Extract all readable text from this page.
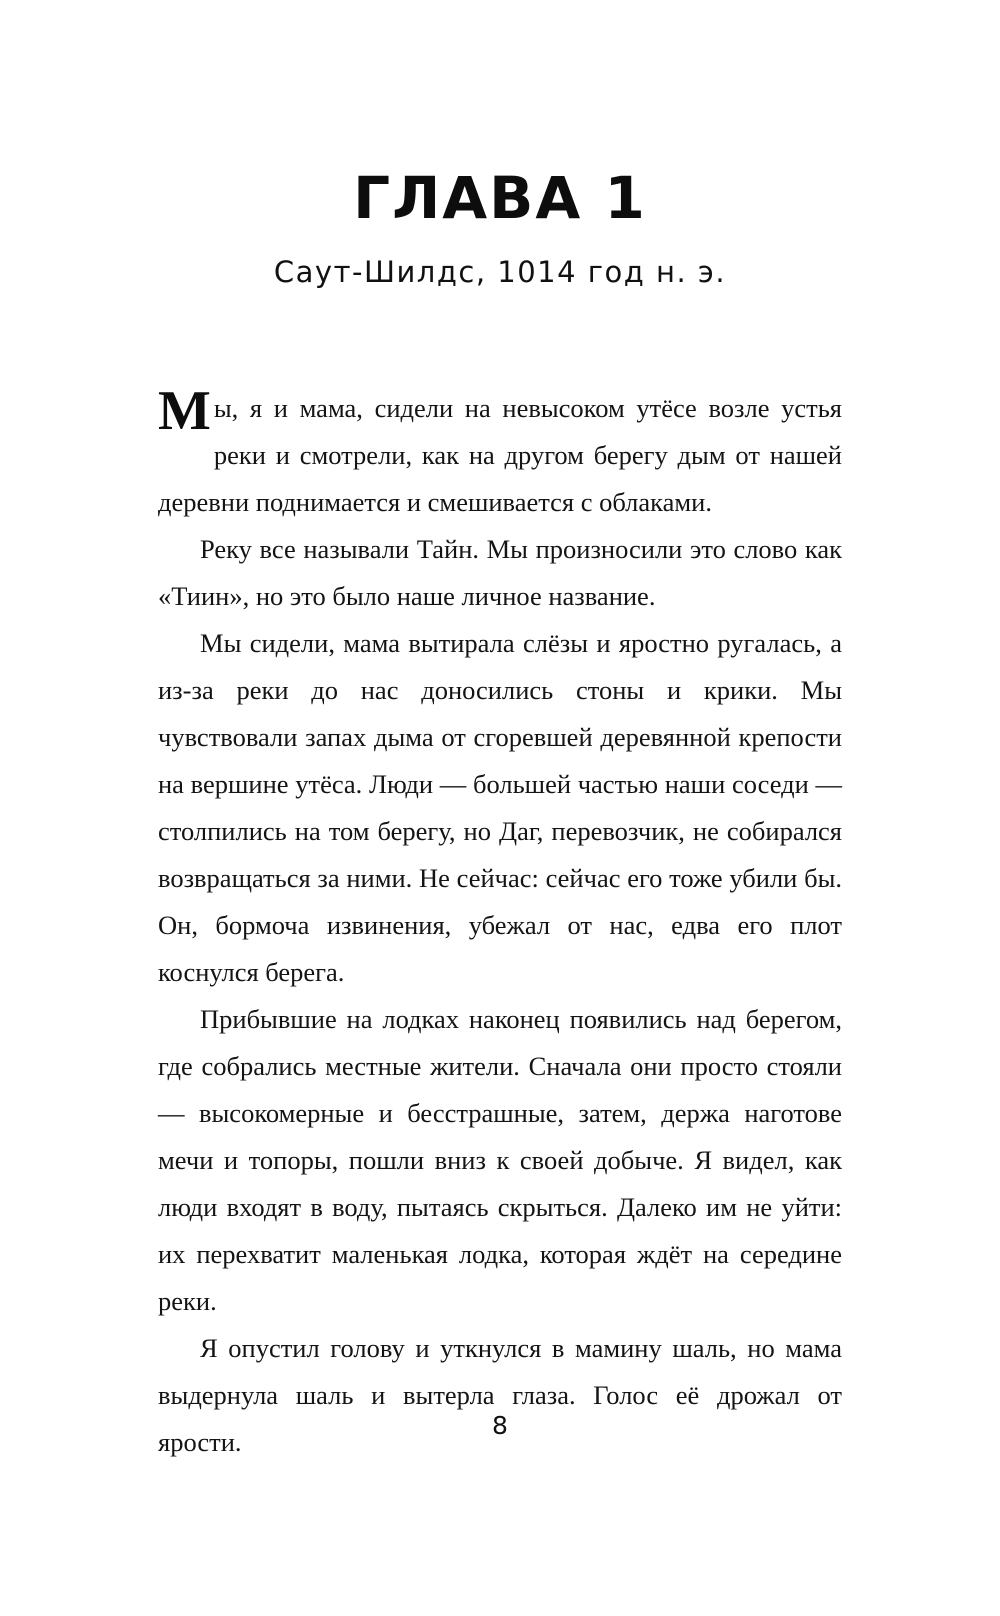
ГЛАВА 1
Саут-Шилдс, 1014 год н. э.

Мы, я и мама, сидели на невысоком утёсе возле устья реки и смотрели, как на другом берегу дым от нашей деревни поднимается и смешивается с облаками.

Реку все называли Тайн. Мы произносили это слово как «Тиин», но это было наше личное название.

Мы сидели, мама вытирала слёзы и яростно ругалась, а из-за реки до нас доносились стоны и крики. Мы чувствовали запах дыма от сгоревшей деревянной крепости на вершине утёса. Люди — большей частью наши соседи — столпились на том берегу, но Даг, перевозчик, не собирался возвращаться за ними. Не сейчас: сейчас его тоже убили бы. Он, бормоча извинения, убежал от нас, едва его плот коснулся берега.

Прибывшие на лодках наконец появились над берегом, где собрались местные жители. Сначала они просто стояли — высокомерные и бесстрашные, затем, держа наготове мечи и топоры, пошли вниз к своей добыче. Я видел, как люди входят в воду, пытаясь скрыться. Далеко им не уйти: их перехватит маленькая лодка, которая ждёт на середине реки.

Я опустил голову и уткнулся в мамину шаль, но мама выдернула шаль и вытерла глаза. Голос её дрожал от ярости.

8
